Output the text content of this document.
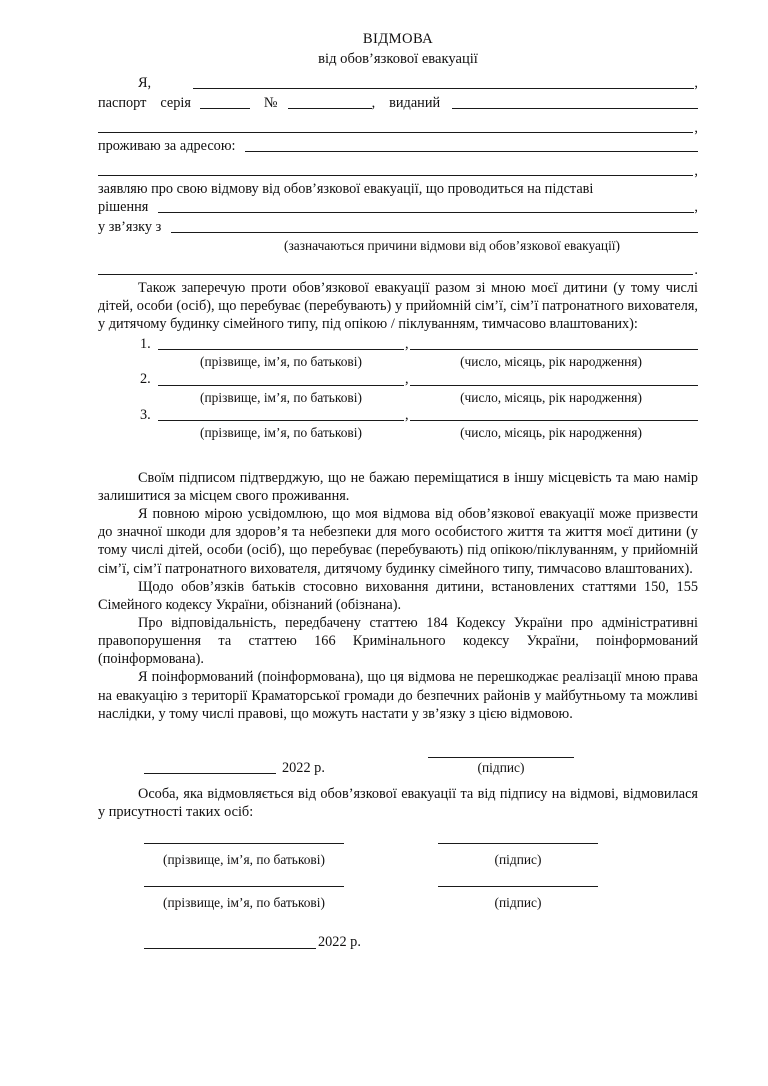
ВІДМОВА
від обов’язкової евакуації
Я,	,
паспорт серія	№	, виданий
,
проживаю за адресою:
,

заявляю про свою відмову від обов’язкової евакуації, що проводиться на підставі

рішення	,
у зв’язку з
(зазначаються причини відмови від обов’язкової евакуації)
.

Також заперечую проти обов’язкової евакуації разом зі мною моєї дитини (у тому числі дітей, особи (осіб), що перебуває (перебувають) у прийомній сім’ї, сім’ї патронатного вихователя, у дитячому будинку сімейного типу, під опікою / піклуванням, тимчасово влаштованих):

1.	,
(прізвище, ім’я, по батькові)	(число, місяць, рік народження)
2.	,
(прізвище, ім’я, по батькові)	(число, місяць, рік народження)
3.	,
(прізвище, ім’я, по батькові)	(число, місяць, рік народження)

Своїм підписом підтверджую, що не бажаю переміщатися в іншу місцевість та маю намір залишитися за місцем свого проживання.

Я повною мірою усвідомлюю, що моя відмова від обов’язкової евакуації може призвести до значної шкоди для здоров’я та небезпеки для мого особистого життя та життя моєї дитини (у тому числі дітей, особи (осіб), що перебуває (перебувають) під опікою/піклуванням, у прийомній сім’ї, сім’ї патронатного вихователя, дитячому будинку сімейного типу, тимчасово влаштованих).

Щодо обов’язків батьків стосовно виховання дитини, встановлених статтями 150, 155 Сімейного кодексу України, обізнаний (обізнана).

Про відповідальність, передбачену статтею 184 Кодексу України про адміністративні правопорушення та статтею 166 Кримінального кодексу України, поінформований (поінформована).

Я поінформований (поінформована), що ця відмова не перешкоджає реалізації мною права на евакуацію з території Краматорської громади до безпечних районів у майбутньому та можливі наслідки, у тому числі правові, що можуть настати у зв’язку з цією відмовою.

2022 р.	(підпис)

Особа, яка відмовляється від обов’язкової евакуації та від підпису на відмові, відмовилася у присутності таких осіб:

(прізвище, ім’я, по батькові)	(підпис)
(прізвище, ім’я, по батькові)	(підпис)
2022 р.
